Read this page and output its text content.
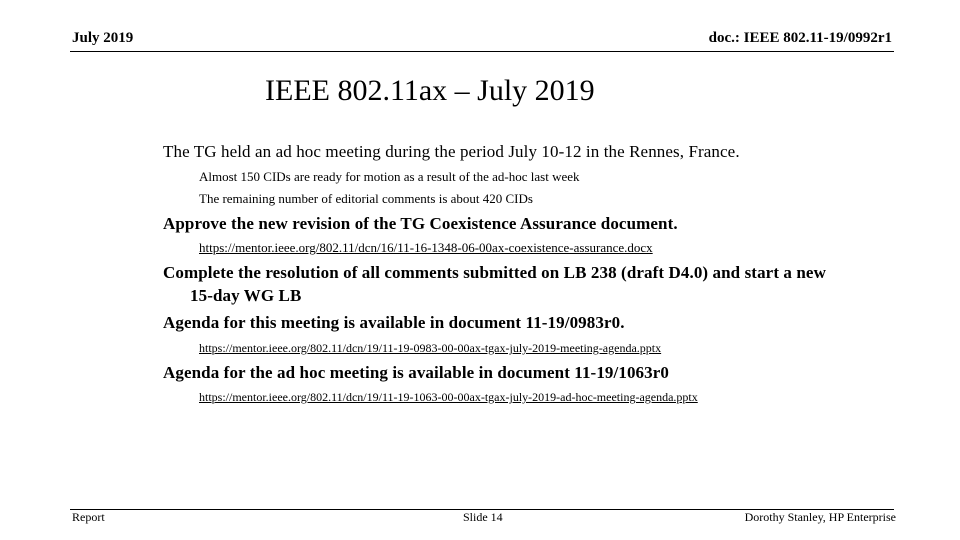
July 2019	doc.: IEEE 802.11-19/0992r1
IEEE 802.11ax – July 2019
The TG held an ad hoc meeting during the period July 10-12 in the Rennes, France.
Almost 150 CIDs are ready for motion as a result of the ad-hoc last week
The remaining number of editorial comments is about 420 CIDs
Approve the new revision of the TG Coexistence Assurance document.
https://mentor.ieee.org/802.11/dcn/16/11-16-1348-06-00ax-coexistence-assurance.docx
Complete the resolution of all comments submitted on LB 238 (draft D4.0) and start a new 15-day WG LB
Agenda for this meeting is available in document 11-19/0983r0.
https://mentor.ieee.org/802.11/dcn/19/11-19-0983-00-00ax-tgax-july-2019-meeting-agenda.pptx
Agenda for the ad hoc meeting is available in document 11-19/1063r0
https://mentor.ieee.org/802.11/dcn/19/11-19-1063-00-00ax-tgax-july-2019-ad-hoc-meeting-agenda.pptx
Report	Slide 14	Dorothy Stanley, HP Enterprise
